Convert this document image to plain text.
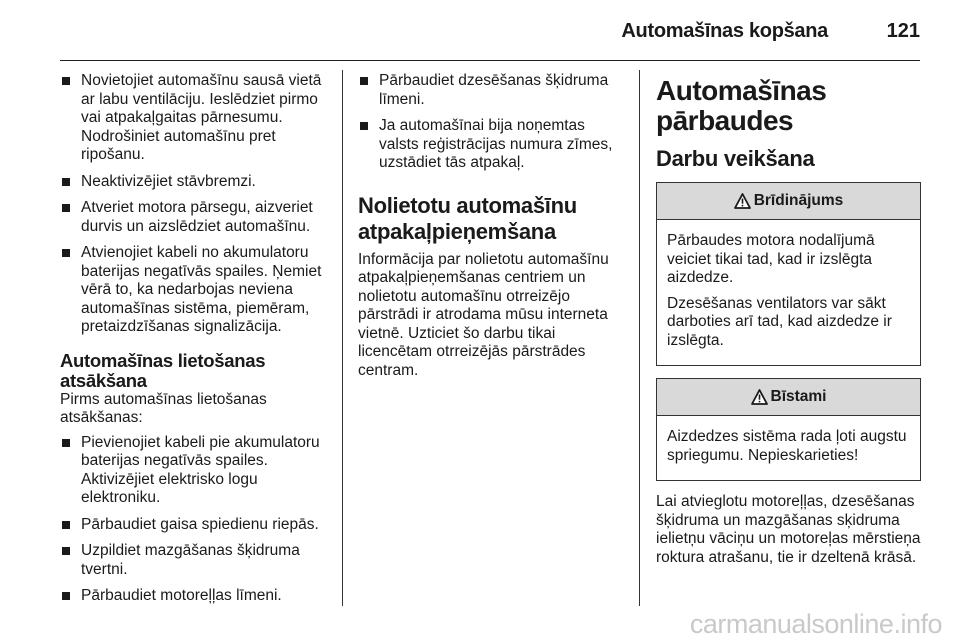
Automašīnas kopšana	121
Novietojiet automašīnu sausā vietā ar labu ventilāciju. Ieslēdziet pirmo vai atpakaļgaitas pārnesumu. Nodrošiniet automašīnu pret ripošanu.
Neaktivizējiet stāvbremzi.
Atveriet motora pārsegu, aizveriet durvis un aizslēdziet automašīnu.
Atvienojiet kabeli no akumulatoru baterijas negatīvās spailes. Ņemiet vērā to, ka nedarbojas neviena automašīnas sistēma, piemēram, pretaizdzīšanas signalizācija.
Automašīnas lietošanas atsākšana

Pirms automašīnas lietošanas atsākšanas:

Pievienojiet kabeli pie akumulatoru baterijas negatīvās spailes. Aktivizējiet elektrisko logu elektroniku.
Pārbaudiet gaisa spiedienu riepās.
Uzpildiet mazgāšanas šķidruma tvertni.
Pārbaudiet motoreļļas līmeni.
Pārbaudiet dzesēšanas šķidruma līmeni.
Ja automašīnai bija noņemtas valsts reģistrācijas numura zīmes, uzstādiet tās atpakaļ.
Nolietotu automašīnu atpakaļpieņemšana

Informācija par nolietotu automašīnu atpakaļpieņemšanas centriem un nolietotu automašīnu otrreizējo pārstrādi ir atrodama mūsu interneta vietnē. Uzticiet šo darbu tikai licencētam otrreizējās pārstrādes centram.

Automašīnas pārbaudes
Darbu veikšana
Brīdinājums

Pārbaudes motora nodalījumā veiciet tikai tad, kad ir izslēgta aizdedze.

Dzesēšanas ventilators var sākt darboties arī tad, kad aizdedze ir izslēgta.

Bīstami

Aizdedzes sistēma rada ļoti augstu spriegumu. Nepieskarieties!

Lai atvieglotu motoreļļas, dzesēšanas šķidruma un mazgāšanas sķidruma ielietņu vāciņu un motoreļas mērstieņa roktura atrašanu, tie ir dzeltenā krāsā.

carmanualsonline.info
